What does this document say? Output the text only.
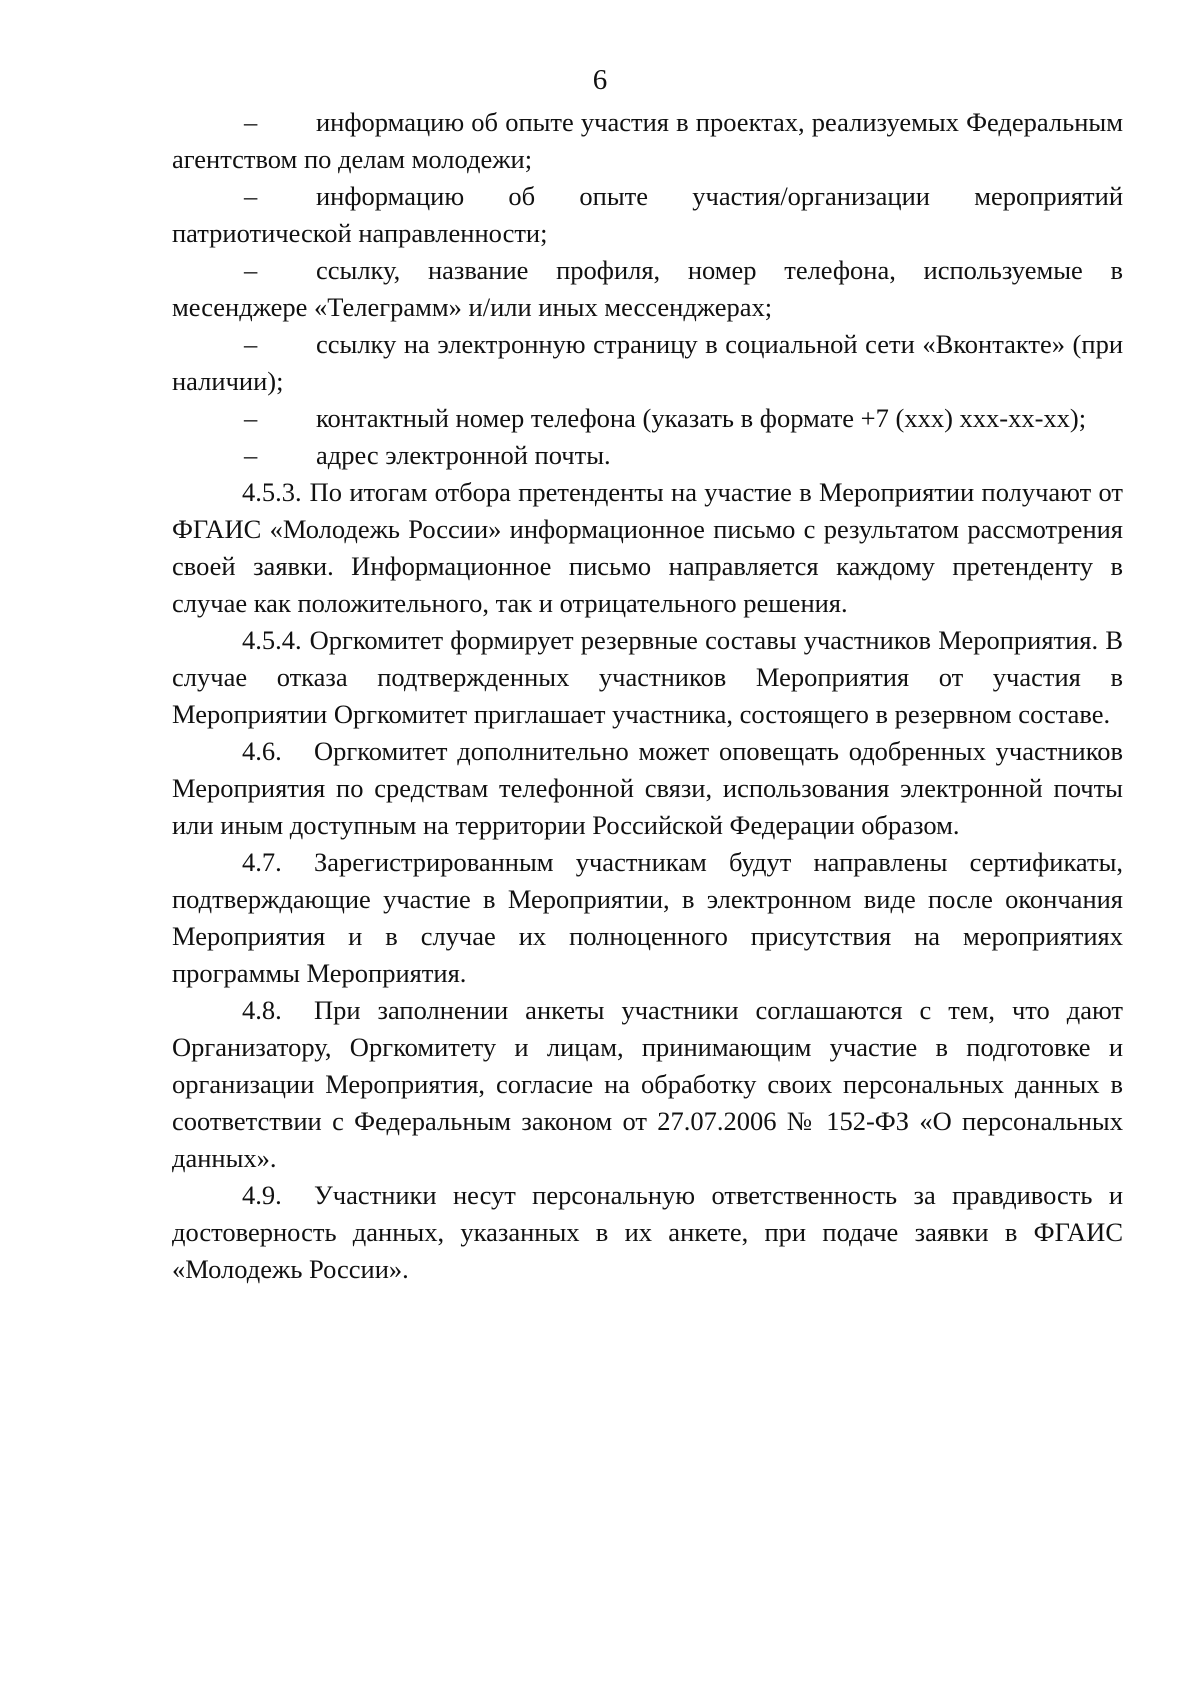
6

– информацию об опыте участия в проектах, реализуемых Федеральным агентством по делам молодежи;

– информацию об опыте участия/организации мероприятий патриотической направленности;

– ссылку, название профиля, номер телефона, используемые в месенджере «Телеграмм» и/или иных мессенджерах;

– ссылку на электронную страницу в социальной сети «Вконтакте» (при наличии);

– контактный номер телефона (указать в формате +7 (ххх) ххх-хх-хх);

– адрес электронной почты.

4.5.3. По итогам отбора претенденты на участие в Мероприятии получают от ФГАИС «Молодежь России» информационное письмо с результатом рассмотрения своей заявки. Информационное письмо направляется каждому претенденту в случае как положительного, так и отрицательного решения.

4.5.4. Оргкомитет формирует резервные составы участников Мероприятия. В случае отказа подтвержденных участников Мероприятия от участия в Мероприятии Оргкомитет приглашает участника, состоящего в резервном составе.

4.6. Оргкомитет дополнительно может оповещать одобренных участников Мероприятия по средствам телефонной связи, использования электронной почты или иным доступным на территории Российской Федерации образом.

4.7. Зарегистрированным участникам будут направлены сертификаты, подтверждающие участие в Мероприятии, в электронном виде после окончания Мероприятия и в случае их полноценного присутствия на мероприятиях программы Мероприятия.

4.8. При заполнении анкеты участники соглашаются с тем, что дают Организатору, Оргкомитету и лицам, принимающим участие в подготовке и организации Мероприятия, согласие на обработку своих персональных данных в соответствии с Федеральным законом от 27.07.2006 № 152-ФЗ «О персональных данных».

4.9. Участники несут персональную ответственность за правдивость и достоверность данных, указанных в их анкете, при подаче заявки в ФГАИС «Молодежь России».
